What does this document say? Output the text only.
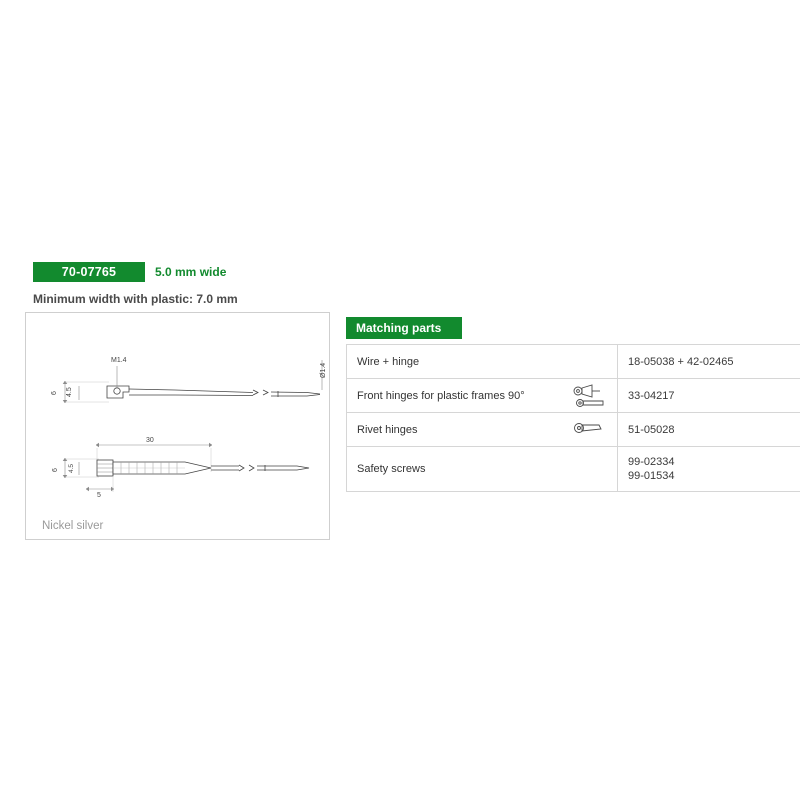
70-07765	5.0 mm wide
Minimum width with plastic: 7.0 mm
M1.4
Ø1.4
6 4.5
30
6 4.5
5
Nickel silver
Matching parts
Wire + hinge	18-05038 + 42-02465

Front hinges for plastic frames 90°	33-04217

Rivet hinges	51-05028

Safety screws	99-02334
99-01534
